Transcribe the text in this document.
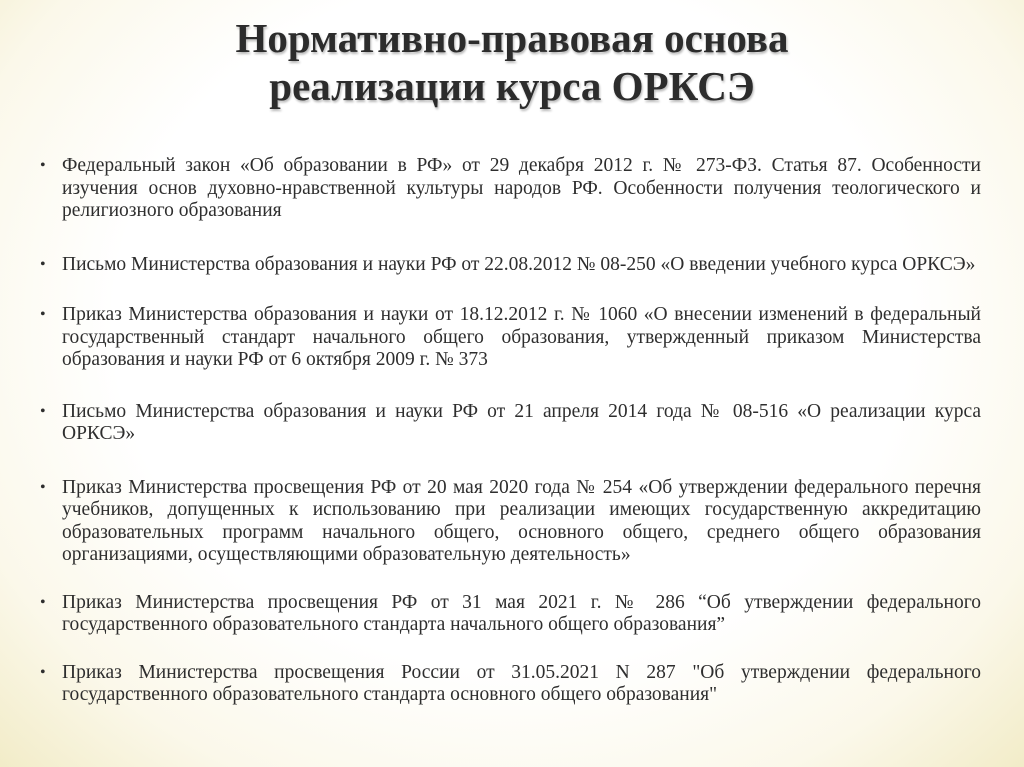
Нормативно-правовая основа
реализации курса ОРКСЭ
• Федеральный закон «Об образовании в РФ» от 29 декабря 2012 г. № 273-ФЗ. Статья 87. Особенности изучения основ духовно-нравственной культуры народов РФ. Особенности получения теологического и религиозного образования
• Письмо Министерства образования и науки РФ от 22.08.2012 № 08-250 «О введении учебного курса ОРКСЭ»
• Приказ Министерства образования и науки от 18.12.2012 г. № 1060 «О внесении изменений в федеральный государственный стандарт начального общего образования, утвержденный приказом Министерства образования и науки РФ от 6 октября 2009 г. № 373
• Письмо Министерства образования и науки РФ от 21 апреля 2014 года № 08-516 «О реализации курса ОРКСЭ»
• Приказ Министерства просвещения РФ от 20 мая 2020 года № 254 «Об утверждении федерального перечня учебников, допущенных к использованию при реализации имеющих государственную аккредитацию образовательных программ начального общего, основного общего, среднего общего образования организациями, осуществляющими образовательную деятельность»
• Приказ Министерства просвещения РФ от 31 мая 2021 г. № 286 “Об утверждении федерального государственного образовательного стандарта начального общего образования”
• Приказ Министерства просвещения России от 31.05.2021 N 287 "Об утверждении федерального государственного образовательного стандарта основного общего образования"
